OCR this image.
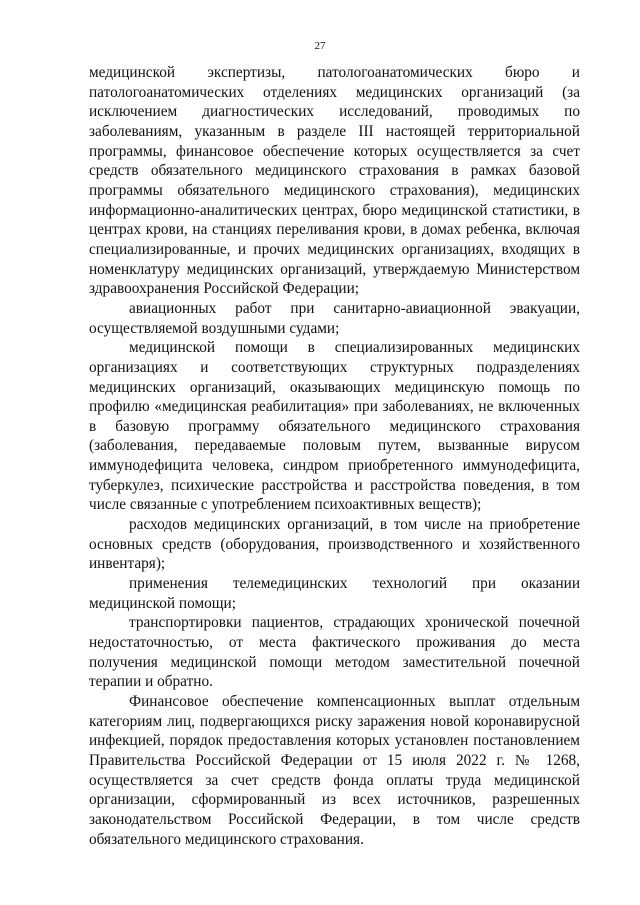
27

медицинской экспертизы, патологоанатомических бюро и патологоанатомических отделениях медицинских организаций (за исключением диагностических исследований, проводимых по заболеваниям, указанным в разделе III настоящей территориальной программы, финансовое обеспечение которых осуществляется за счет средств обязательного медицинского страхования в рамках базовой программы обязательного медицинского страхования), медицинских информационно-аналитических центрах, бюро медицинской статистики, в центрах крови, на станциях переливания крови, в домах ребенка, включая специализированные, и прочих медицинских организациях, входящих в номенклатуру медицинских организаций, утверждаемую Министерством здравоохранения Российской Федерации;

авиационных работ при санитарно-авиационной эвакуации, осуществляемой воздушными судами;

медицинской помощи в специализированных медицинских организациях и соответствующих структурных подразделениях медицинских организаций, оказывающих медицинскую помощь по профилю «медицинская реабилитация» при заболеваниях, не включенных в базовую программу обязательного медицинского страхования (заболевания, передаваемые половым путем, вызванные вирусом иммунодефицита человека, синдром приобретенного иммунодефицита, туберкулез, психические расстройства и расстройства поведения, в том числе связанные с употреблением психоактивных веществ);

расходов медицинских организаций, в том числе на приобретение основных средств (оборудования, производственного и хозяйственного инвентаря);

применения телемедицинских технологий при оказании медицинской помощи;

транспортировки пациентов, страдающих хронической почечной недостаточностью, от места фактического проживания до места получения медицинской помощи методом заместительной почечной терапии и обратно.

Финансовое обеспечение компенсационных выплат отдельным категориям лиц, подвергающихся риску заражения новой коронавирусной инфекцией, порядок предоставления которых установлен постановлением Правительства Российской Федерации от 15 июля 2022 г. № 1268, осуществляется за счет средств фонда оплаты труда медицинской организации, сформированный из всех источников, разрешенных законодательством Российской Федерации, в том числе средств обязательного медицинского страхования.
